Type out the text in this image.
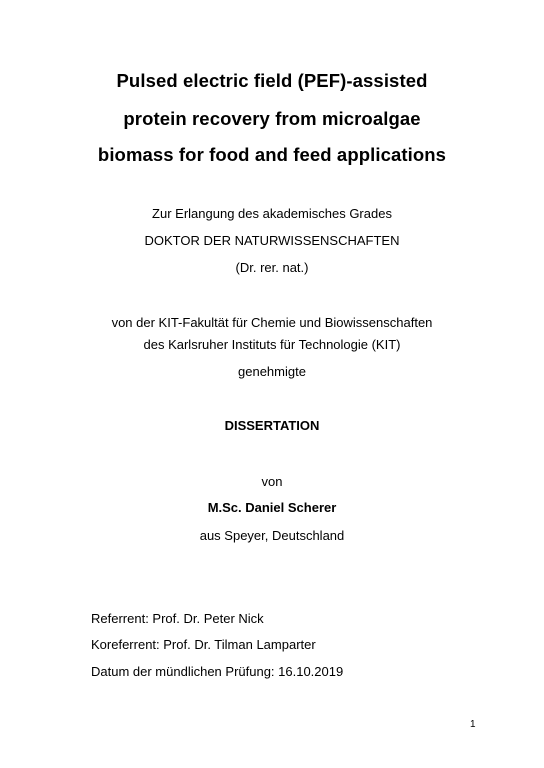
Pulsed electric field (PEF)-assisted
protein recovery from microalgae
biomass for food and feed applications
Zur Erlangung des akademisches Grades
DOKTOR DER NATURWISSENSCHAFTEN
(Dr. rer. nat.)
von der KIT-Fakultät für Chemie und Biowissenschaften
des Karlsruher Instituts für Technologie (KIT)
genehmigte
DISSERTATION
von
M.Sc. Daniel Scherer
aus Speyer, Deutschland
Referrent: Prof. Dr. Peter Nick
Koreferrent: Prof. Dr. Tilman Lamparter
Datum der mündlichen Prüfung: 16.10.2019
1
